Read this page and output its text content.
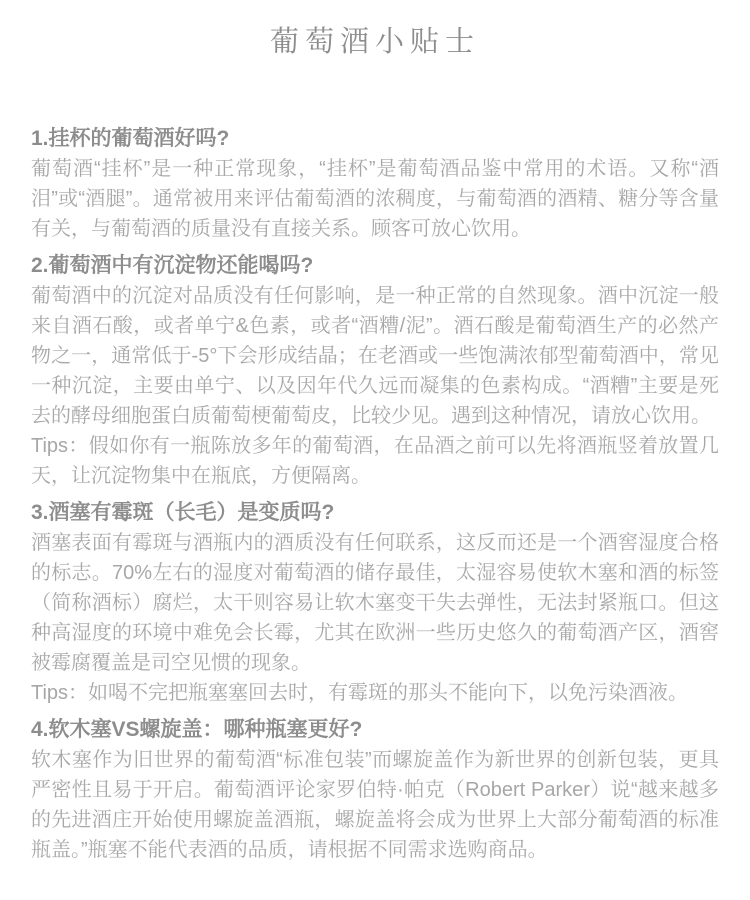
葡萄酒小贴士
1.挂杯的葡萄酒好吗?

葡萄酒“挂杯”是一种正常现象，“挂杯”是葡萄酒品鉴中常用的术语。又称“酒泪”或“酒腿”。通常被用来评估葡萄酒的浓稠度，与葡萄酒的酒精、糖分等含量有关，与葡萄酒的质量没有直接关系。顾客可放心饮用。

2.葡萄酒中有沉淀物还能喝吗?

葡萄酒中的沉淀对品质没有任何影响，是一种正常的自然现象。酒中沉淀一般来自酒石酸，或者单宁&色素，或者“酒糟/泥”。酒石酸是葡萄酒生产的必然产物之一，通常低于-5°下会形成结晶；在老酒或一些饱满浓郁型葡萄酒中，常见一种沉淀，主要由单宁、以及因年代久远而凝集的色素构成。“酒糟”主要是死去的酵母细胞蛋白质葡萄梗葡萄皮，比较少见。遇到这种情况，请放心饮用。

Tips：假如你有一瓶陈放多年的葡萄酒，在品酒之前可以先将酒瓶竖着放置几天，让沉淀物集中在瓶底，方便隔离。

3.酒塞有霉斑（长毛）是变质吗?

酒塞表面有霉斑与酒瓶内的酒质没有任何联系，这反而还是一个酒窖湿度合格的标志。70%左右的湿度对葡萄酒的储存最佳，太湿容易使软木塞和酒的标签（简称酒标）腐烂，太干则容易让软木塞变干失去弹性，无法封紧瓶口。但这种高湿度的环境中难免会长霉，尤其在欧洲一些历史悠久的葡萄酒产区，酒窖被霉腐覆盖是司空见惯的现象。

Tips：如喝不完把瓶塞塞回去时，有霉斑的那头不能向下，以免污染酒液。

4.软木塞VS螺旋盖：哪种瓶塞更好?

软木塞作为旧世界的葡萄酒“标准包装”而螺旋盖作为新世界的创新包装，更具严密性且易于开启。葡萄酒评论家罗伯特·帕克（Robert Parker）说“越来越多的先进酒庄开始使用螺旋盖酒瓶，螺旋盖将会成为世界上大部分葡萄酒的标准瓶盖。”瓶塞不能代表酒的品质，请根据不同需求选购商品。
